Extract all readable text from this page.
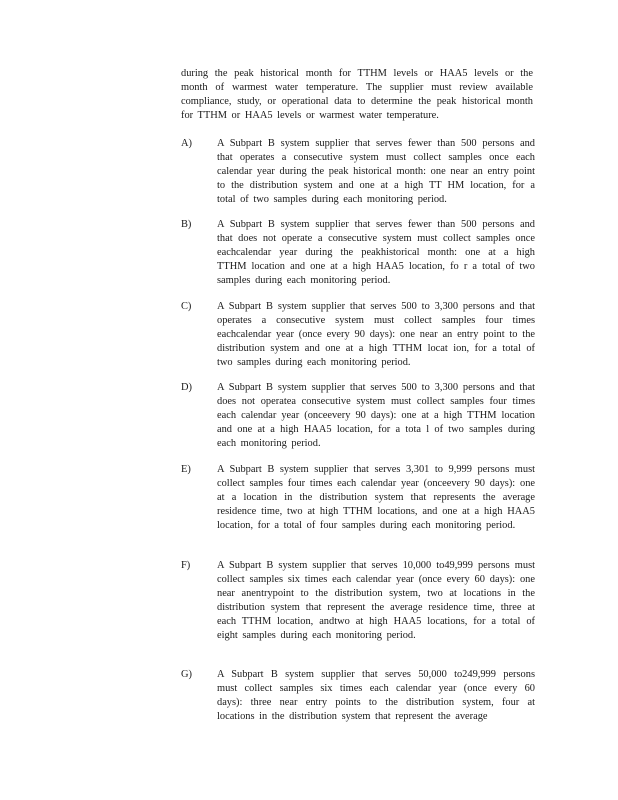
during the peak historical month for TTHM levels or HAA5 levels or the month of warmest water temperature. The supplier must review available compliance, study, or operational data to determine the peak historical month for TTHM or HAA5 levels or warmest water temperature.

A)	A Subpart B system supplier that serves fewer than 500 persons and that operates a consecutive system must collect samples once each calendar year during the peak historical month: one near an entry point to the distribution system and one at a high TT HM location, for a total of two samples during each monitoring period.

B)	A Subpart B system supplier that serves fewer than 500 persons and that does not operate a consecutive system must collect samples once eachcalendar year during the peakhistorical month: one at a high TTHM location and one at a high HAA5 location, fo r a total of two samples during each monitoring period.

C)	A Subpart B system supplier that serves 500 to 3,300 persons and that operates a consecutive system must collect samples four times eachcalendar year (once every 90 days): one near an entry point to the distribution system and one at a high TTHM locat ion, for a total of two samples during each monitoring period.

D)	A Subpart B system supplier that serves 500 to 3,300 persons and that does not operatea consecutive system must collect samples four times each calendar year (onceevery 90 days): one at a high TTHM location and one at a high HAA5 location, for a tota l of two samples during each monitoring period.

E)	A Subpart B system supplier that serves 3,301 to 9,999 persons must collect samples four times each calendar year (onceevery 90 days): one at a location in the distribution system that represents the average residence time, two at high TTHM locations, and one at a high HAA5 location, for a total of four samples during each monitoring period.

F)	A Subpart B system supplier that serves 10,000 to49,999 persons must collect samples six times each calendar year (once every 60 days): one near anentrypoint to the distribution system, two at locations in the distribution system that represent the average residence time, three at each TTHM location, andtwo at high HAA5 locations, for a total of eight samples during each monitoring period.

G)	A Subpart B system supplier that serves 50,000 to249,999 persons must collect samples six times each calendar year (once every 60 days): three near entry points to the distribution system, four at locations in the distribution system that represent the average
